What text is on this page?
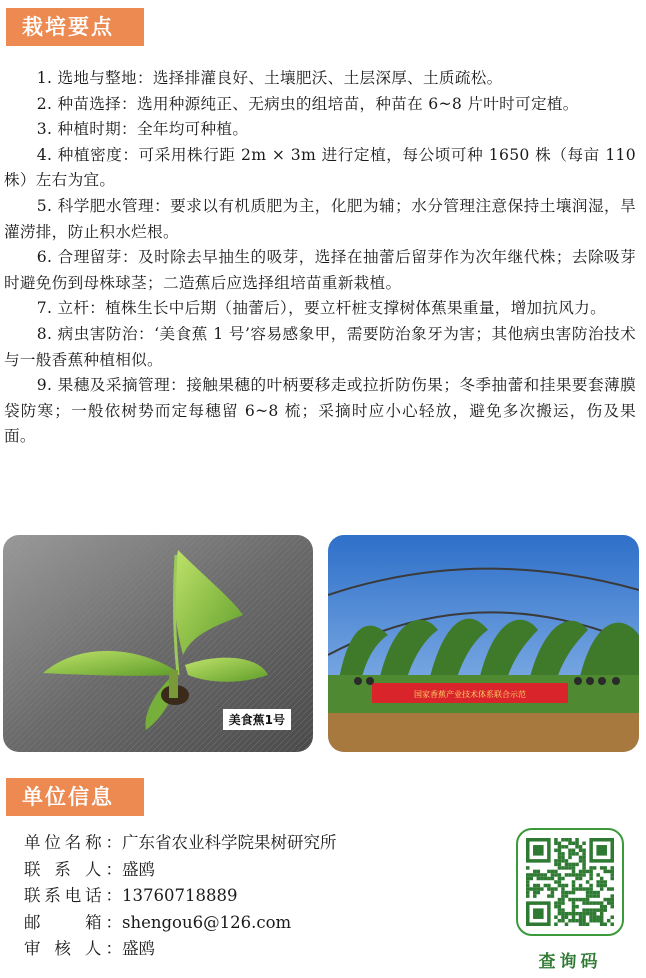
栽培要点

1. 选地与整地：选择排灌良好、土壤肥沃、土层深厚、土质疏松。

2. 种苗选择：选用种源纯正、无病虫的组培苗，种苗在 6~8 片叶时可定植。

3. 种植时期：全年均可种植。

4. 种植密度：可采用株行距 2m × 3m 进行定植，每公顷可种 1650 株（每亩 110 株）左右为宜。

5. 科学肥水管理：要求以有机质肥为主，化肥为辅；水分管理注意保持土壤润湿，旱灌涝排，防止积水烂根。

6. 合理留芽：及时除去早抽生的吸芽，选择在抽蕾后留芽作为次年继代株；去除吸芽时避免伤到母株球茎；二造蕉后应选择组培苗重新栽植。

7. 立杆：植株生长中后期（抽蕾后），要立杆桩支撑树体蕉果重量，增加抗风力。

8. 病虫害防治：‘美食蕉 1 号’容易感象甲，需要防治象牙为害；其他病虫害防治技术与一般香蕉种植相似。

9. 果穗及采摘管理：接触果穗的叶柄要移走或拉折防伤果；冬季抽蕾和挂果要套薄膜袋防寒；一般依树势而定每穗留 6~8 梳；采摘时应小心轻放，避免多次搬运，伤及果面。

美食蕉1号
国家香蕉产业技术体系联合示范
单位信息
单位名称： 广东省农业科学院果树研究所
联 系 人： 盛鸥
联系电话： 13760718889
邮　　箱： shengou6@126.com
审 核 人： 盛鸥
查询码
